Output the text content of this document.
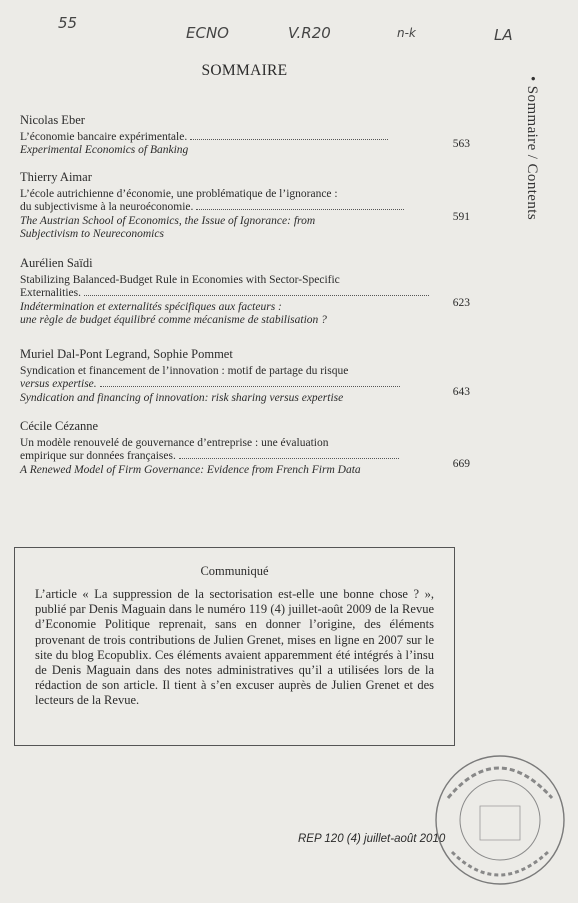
55
ECNO	V.R20	n-k	LA
SOMMAIRE
• Sommaire / Contents
Nicolas Eber
L’économie bancaire expérimentale.
Experimental Economics of Banking	563
Thierry Aimar
L’école autrichienne d’économie, une problématique de l’ignorance :
du subjectivisme à la neuroéconomie.
The Austrian School of Economics, the Issue of Ignorance: from
Subjectivism to Neureconomics
591
Aurélien Saïdi
Stabilizing Balanced-Budget Rule in Economies with Sector-Specific
Externalities.
Indétermination et externalités spécifiques aux facteurs :
une règle de budget équilibré comme mécanisme de stabilisation ?
623
Muriel Dal-Pont Legrand, Sophie Pommet
Syndication et financement de l’innovation : motif de partage du risque
versus expertise.
Syndication and financing of innovation: risk sharing versus expertise	643
Cécile Cézanne
Un modèle renouvelé de gouvernance d’entreprise : une évaluation
empirique sur données françaises.
A Renewed Model of Firm Governance: Evidence from French Firm Data	669
Communiqué
L’article « La suppression de la sectorisation est-elle une bonne chose ? », publié par Denis Maguain dans le numéro 119 (4) juillet-août 2009 de la Revue d’Economie Politique reprenait, sans en donner l’origine, des éléments provenant de trois contributions de Julien Grenet, mises en ligne en 2007 sur le site du blog Ecopublix. Ces éléments avaient apparemment été intégrés à l’insu de Denis Maguain dans des notes administratives qu’il a utilisées lors de la rédaction de son article. Il tient à s’en excuser auprès de Julien Grenet et des lecteurs de la Revue.
REP 120 (4) juillet-août 2010
